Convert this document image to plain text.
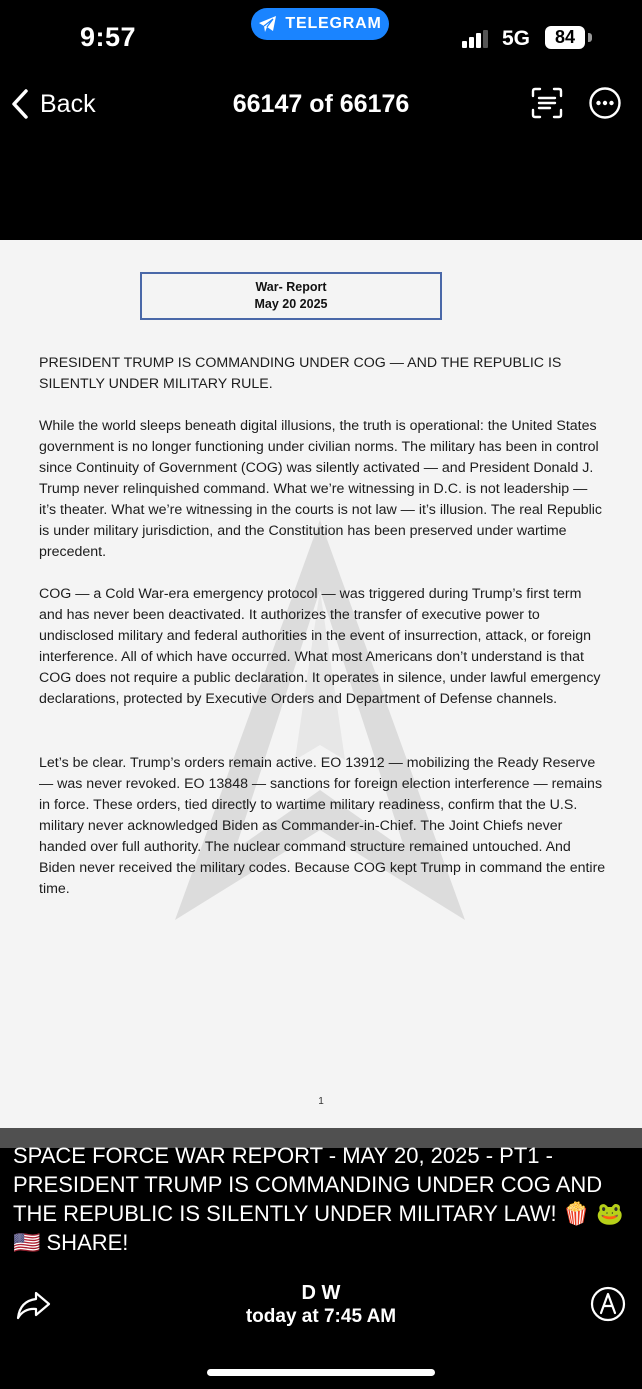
9:57	TELEGRAM
5G	84
Back	66147 of 66176
War- Report
May 20 2025

PRESIDENT TRUMP IS COMMANDING UNDER COG — AND THE REPUBLIC IS SILENTLY UNDER MILITARY RULE.

While the world sleeps beneath digital illusions, the truth is operational: the United States government is no longer functioning under civilian norms. The military has been in control since Continuity of Government (COG) was silently activated — and President Donald J. Trump never relinquished command. What we’re witnessing in D.C. is not leadership — it’s theater. What we’re witnessing in the courts is not law — it’s illusion. The real Republic is under military jurisdiction, and the Constitution has been preserved under wartime precedent.

COG — a Cold War-era emergency protocol — was triggered during Trump’s first term and has never been deactivated. It authorizes the transfer of executive power to undisclosed military and federal authorities in the event of insurrection, attack, or foreign interference. All of which have occurred. What most Americans don’t understand is that COG does not require a public declaration. It operates in silence, under lawful emergency declarations, protected by Executive Orders and Department of Defense channels.

Let’s be clear. Trump’s orders remain active. EO 13912 — mobilizing the Ready Reserve — was never revoked. EO 13848 — sanctions for foreign election interference — remains in force. These orders, tied directly to wartime military readiness, confirm that the U.S. military never acknowledged Biden as Commander-in-Chief. The Joint Chiefs never handed over full authority. The nuclear command structure remained untouched. And Biden never received the military codes. Because COG kept Trump in command the entire time.

1

SPACE FORCE WAR REPORT - MAY 20, 2025 - PT1 - PRESIDENT TRUMP IS COMMANDING UNDER COG AND THE REPUBLIC IS SILENTLY UNDER MILITARY LAW! 🍿 🐸🇺🇸 SHARE!

D W
today at 7:45 AM
